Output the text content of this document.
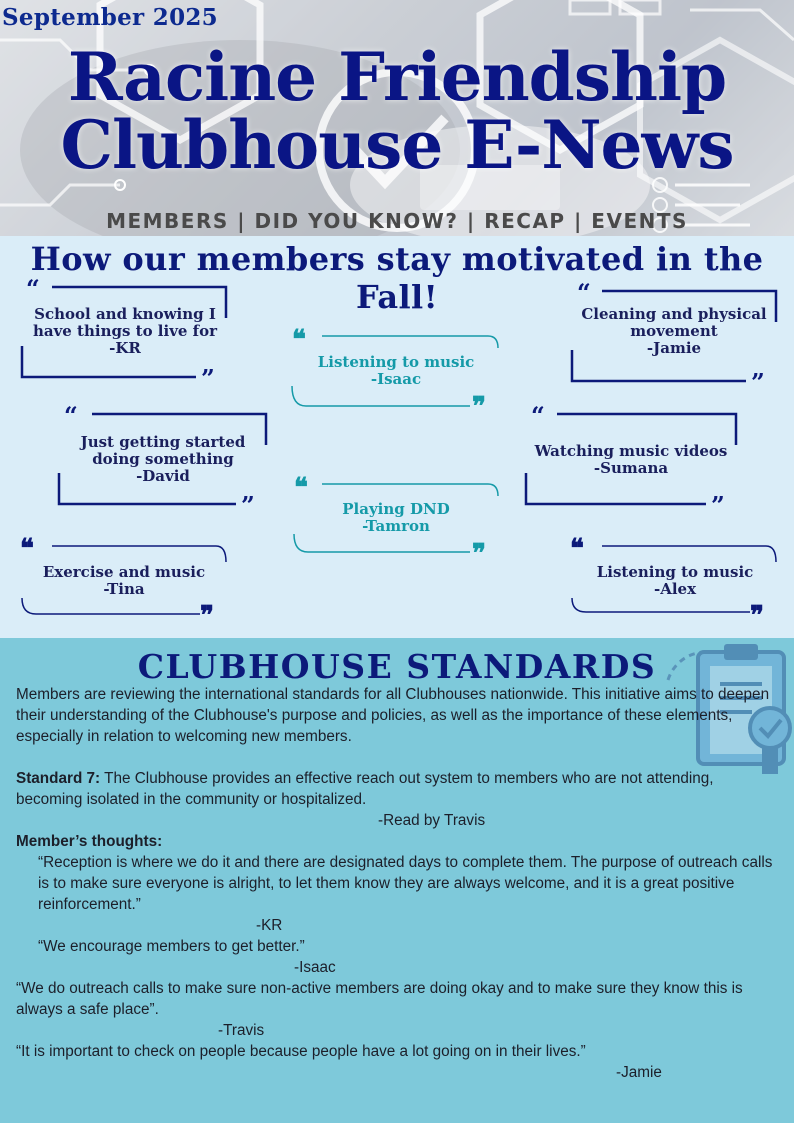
September 2025
Racine Friendship
Clubhouse E-News
MEMBERS | DID YOU KNOW? | RECAP | EVENTS
“
”
❝
❞
“
”
“
”
“
”
❝
❞
❝
❞
❝
❞
How our members stay motivated in the Fall!
School and knowing I have things to live for
-KR
Listening to music
-Isaac
Cleaning and physical movement
-Jamie
Just getting started doing something
-David
Watching music videos
-Sumana
Playing DND
-Tamron
Exercise and music
-Tina
Listening to music
-Alex
CLUBHOUSE STANDARDS

Members are reviewing the international standards for all Clubhouses nationwide. This initiative aims to deepen their understanding of the Clubhouse's purpose and policies, as well as the importance of these elements, especially in relation to welcoming new members.

Standard 7: The Clubhouse provides an effective reach out system to members who are not attending, becoming isolated in the community or hospitalized.

-Read by Travis

Member’s thoughts:

“Reception is where we do it and there are designated days to complete them. The purpose of outreach calls is to make sure everyone is alright, to let them know they are always welcome, and it is a great positive reinforcement.”

-KR

“We encourage members to get better.”

-Isaac

“We do outreach calls to make sure non-active members are doing okay and to make sure they know this is always a safe place”.

-Travis

“It is important to check on people because people have a lot going on in their lives.”

-Jamie
